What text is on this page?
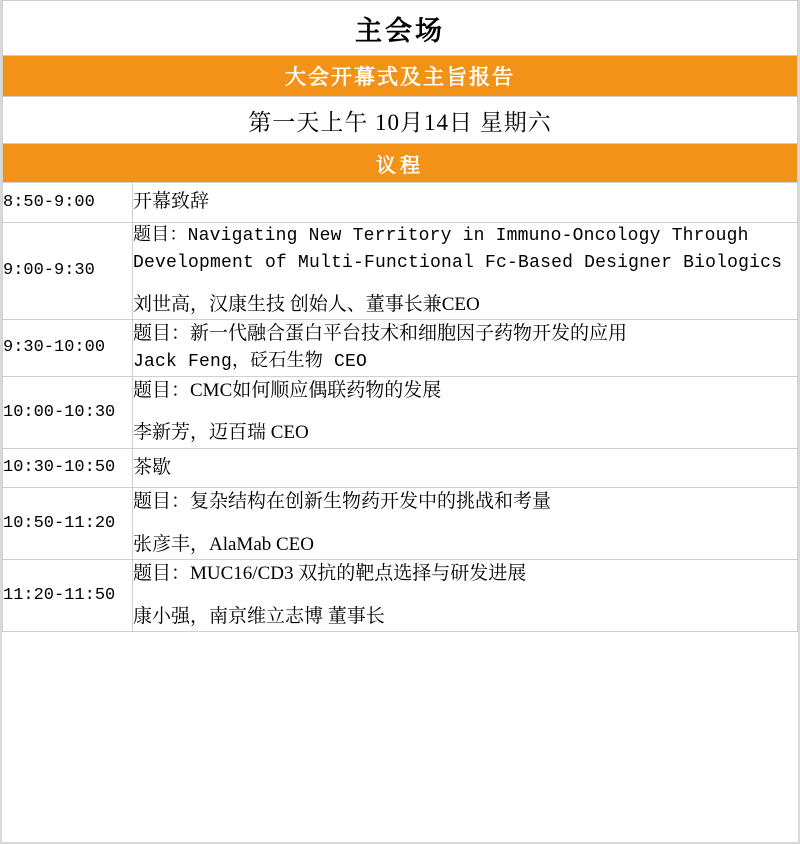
主会场	
大会开幕式及主旨报告	
第一天上午 10月14日 星期六	
议程	
8:50-9:00	开幕致辞

9:00-9:30	题目：Navigating New Territory in Immuno-Oncology Through Development of Multi-Functional Fc-Based Designer Biologics
刘世高，汉康生技 创始人、董事长兼CEO

9:30-10:00	题目：新一代融合蛋白平台技术和细胞因子药物开发的应用
Jack Feng，砭石生物 CEO

10:00-10:30	题目：CMC如何顺应偶联药物的发展
李新芳，迈百瑞 CEO

10:30-10:50	茶歇

10:50-11:20	题目：复杂结构在创新生物药开发中的挑战和考量
张彦丰，AlaMab CEO

11:20-11:50	题目：MUC16/CD3 双抗的靶点选择与研发进展
康小强，南京维立志博 董事长
